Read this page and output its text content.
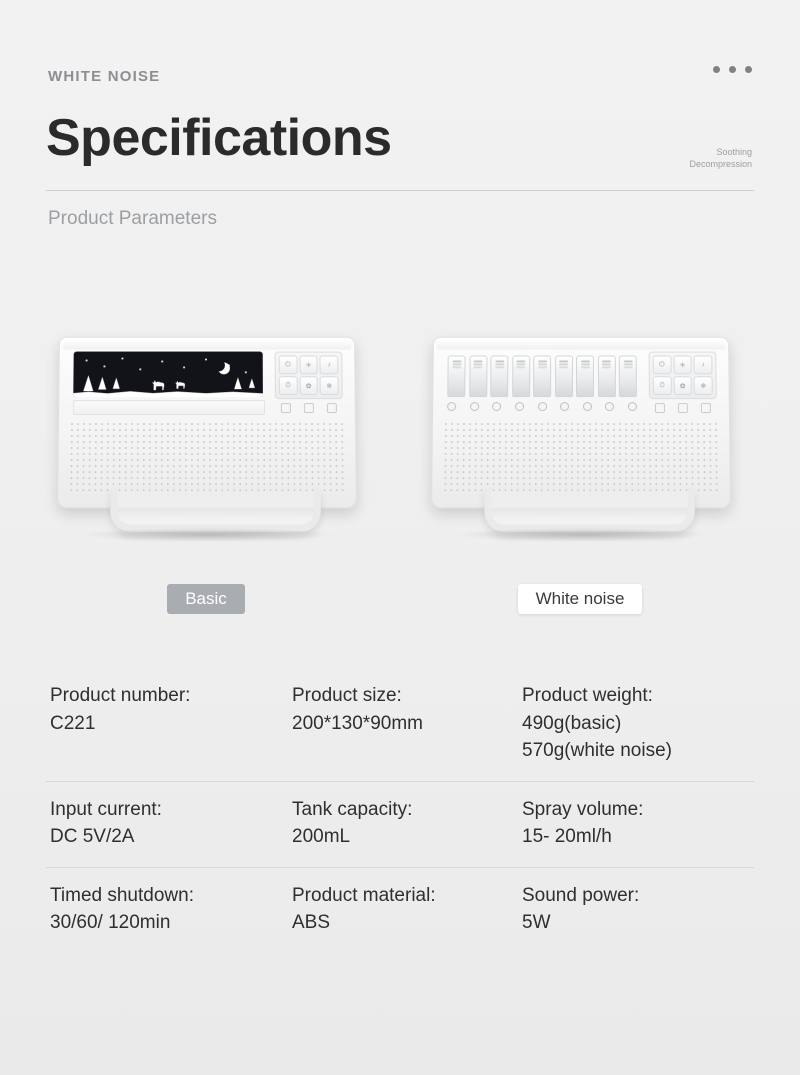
WHITE NOISE
Specifications	Soothing
Decompression
Product Parameters
⏻	☀	♪
⏱	✿	❄
Basic
⏻	☀	♪
⏱	✿	❄
White noise
Product number:
C221
Product size:
200*130*90mm
Product weight:
490g(basic)
570g(white noise)
Input current:
DC 5V/2A
Tank capacity:
200mL
Spray volume:
15- 20ml/h
Timed shutdown:
30/60/ 120min
Product material:
ABS
Sound power:
5W
